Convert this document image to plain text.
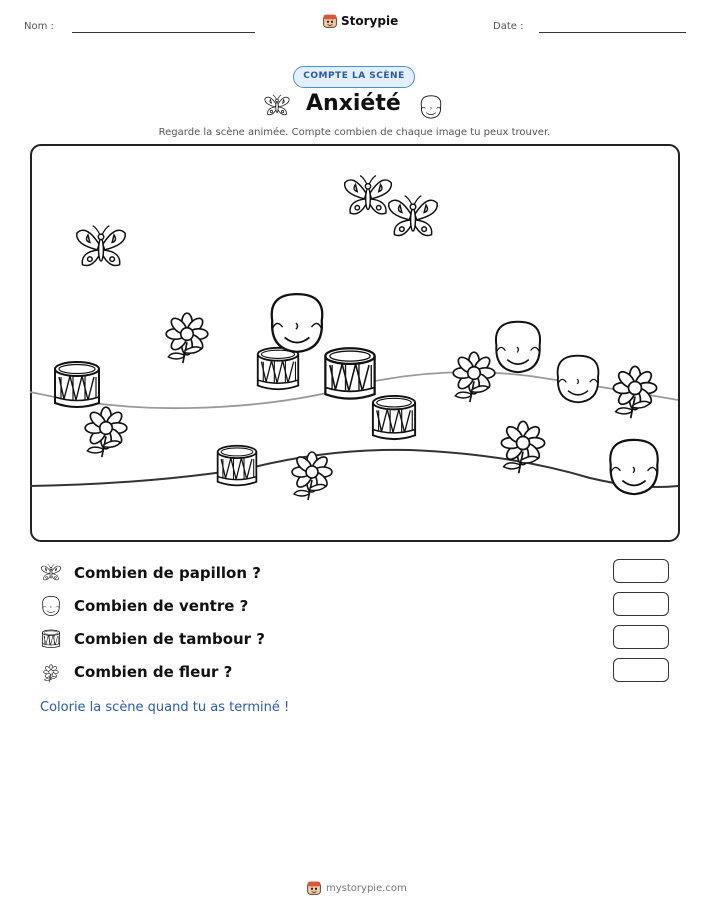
Nom :	Storypie	Date :
COMPTE LA SCÈNE
Anxiété
Regarde la scène animée. Compte combien de chaque image tu peux trouver.
Combien de papillon ?
Combien de ventre ?
Combien de tambour ?
Combien de fleur ?
Colorie la scène quand tu as terminé !
mystorypie.com
